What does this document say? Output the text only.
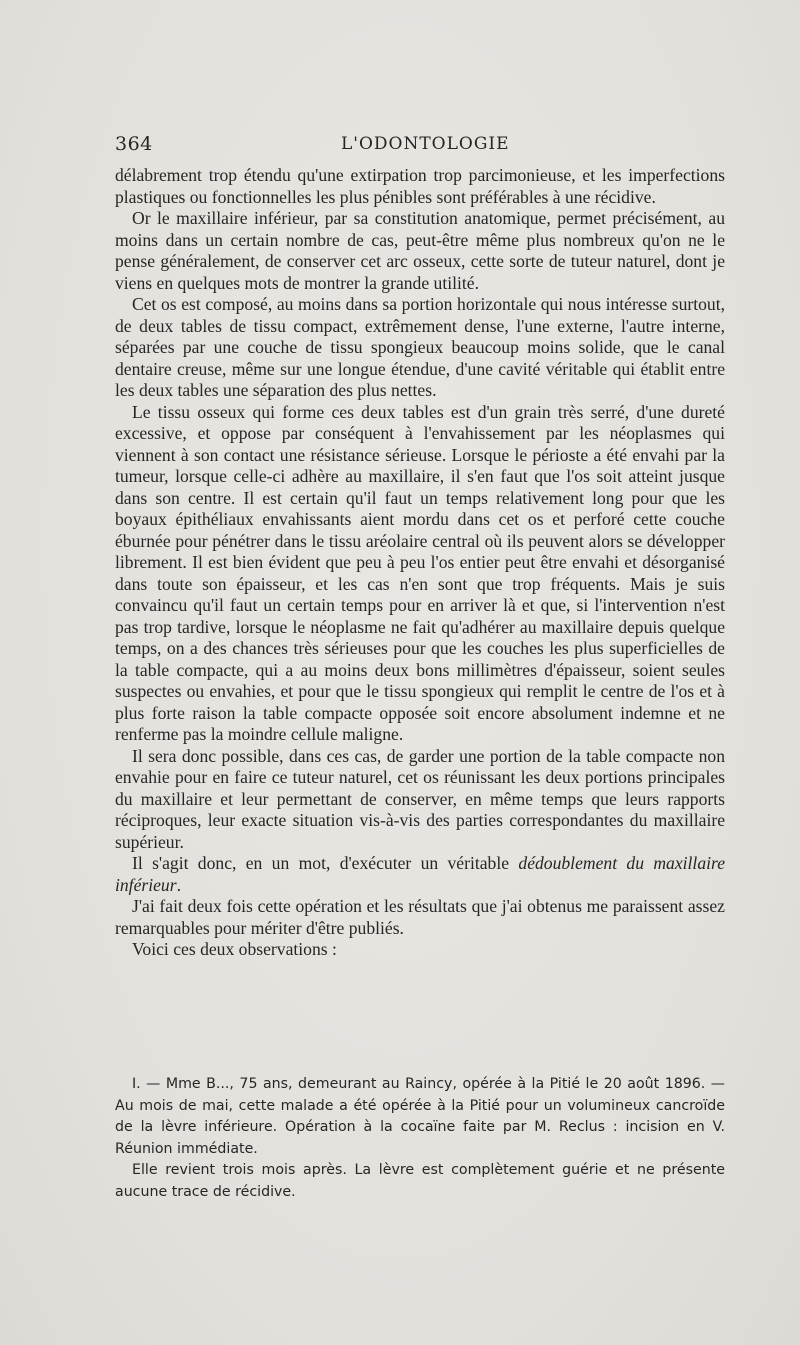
364	L'ODONTOLOGIE

délabrement trop étendu qu'une extirpation trop parcimonieuse, et les imperfections plastiques ou fonctionnelles les plus pénibles sont préférables à une récidive.

Or le maxillaire inférieur, par sa constitution anatomique, permet précisément, au moins dans un certain nombre de cas, peut-être même plus nombreux qu'on ne le pense généralement, de conserver cet arc osseux, cette sorte de tuteur naturel, dont je viens en quelques mots de montrer la grande utilité.

Cet os est composé, au moins dans sa portion horizontale qui nous intéresse surtout, de deux tables de tissu compact, extrêmement dense, l'une externe, l'autre interne, séparées par une couche de tissu spongieux beaucoup moins solide, que le canal dentaire creuse, même sur une longue étendue, d'une cavité véritable qui établit entre les deux tables une séparation des plus nettes.

Le tissu osseux qui forme ces deux tables est d'un grain très serré, d'une dureté excessive, et oppose par conséquent à l'envahissement par les néoplasmes qui viennent à son contact une résistance sérieuse. Lorsque le périoste a été envahi par la tumeur, lorsque celle-ci adhère au maxillaire, il s'en faut que l'os soit atteint jusque dans son centre. Il est certain qu'il faut un temps relativement long pour que les boyaux épithéliaux envahissants aient mordu dans cet os et perforé cette couche éburnée pour pénétrer dans le tissu aréolaire central où ils peuvent alors se développer librement. Il est bien évident que peu à peu l'os entier peut être envahi et désorganisé dans toute son épaisseur, et les cas n'en sont que trop fréquents. Mais je suis convaincu qu'il faut un certain temps pour en arriver là et que, si l'intervention n'est pas trop tardive, lorsque le néoplasme ne fait qu'adhérer au maxillaire depuis quelque temps, on a des chances très sérieuses pour que les couches les plus superficielles de la table compacte, qui a au moins deux bons millimètres d'épaisseur, soient seules suspectes ou envahies, et pour que le tissu spongieux qui remplit le centre de l'os et à plus forte raison la table compacte opposée soit encore absolument indemne et ne renferme pas la moindre cellule maligne.

Il sera donc possible, dans ces cas, de garder une portion de la table compacte non envahie pour en faire ce tuteur naturel, cet os réunissant les deux portions principales du maxillaire et leur permettant de conserver, en même temps que leurs rapports réciproques, leur exacte situation vis-à-vis des parties correspondantes du maxillaire supérieur.

Il s'agit donc, en un mot, d'exécuter un véritable dédoublement du maxillaire inférieur.

J'ai fait deux fois cette opération et les résultats que j'ai obtenus me paraissent assez remarquables pour mériter d'être publiés.

Voici ces deux observations :

I. — Mme B..., 75 ans, demeurant au Raincy, opérée à la Pitié le 20 août 1896. — Au mois de mai, cette malade a été opérée à la Pitié pour un volumineux cancroïde de la lèvre inférieure. Opération à la cocaïne faite par M. Reclus : incision en V. Réunion immédiate.

Elle revient trois mois après. La lèvre est complètement guérie et ne présente aucune trace de récidive.
